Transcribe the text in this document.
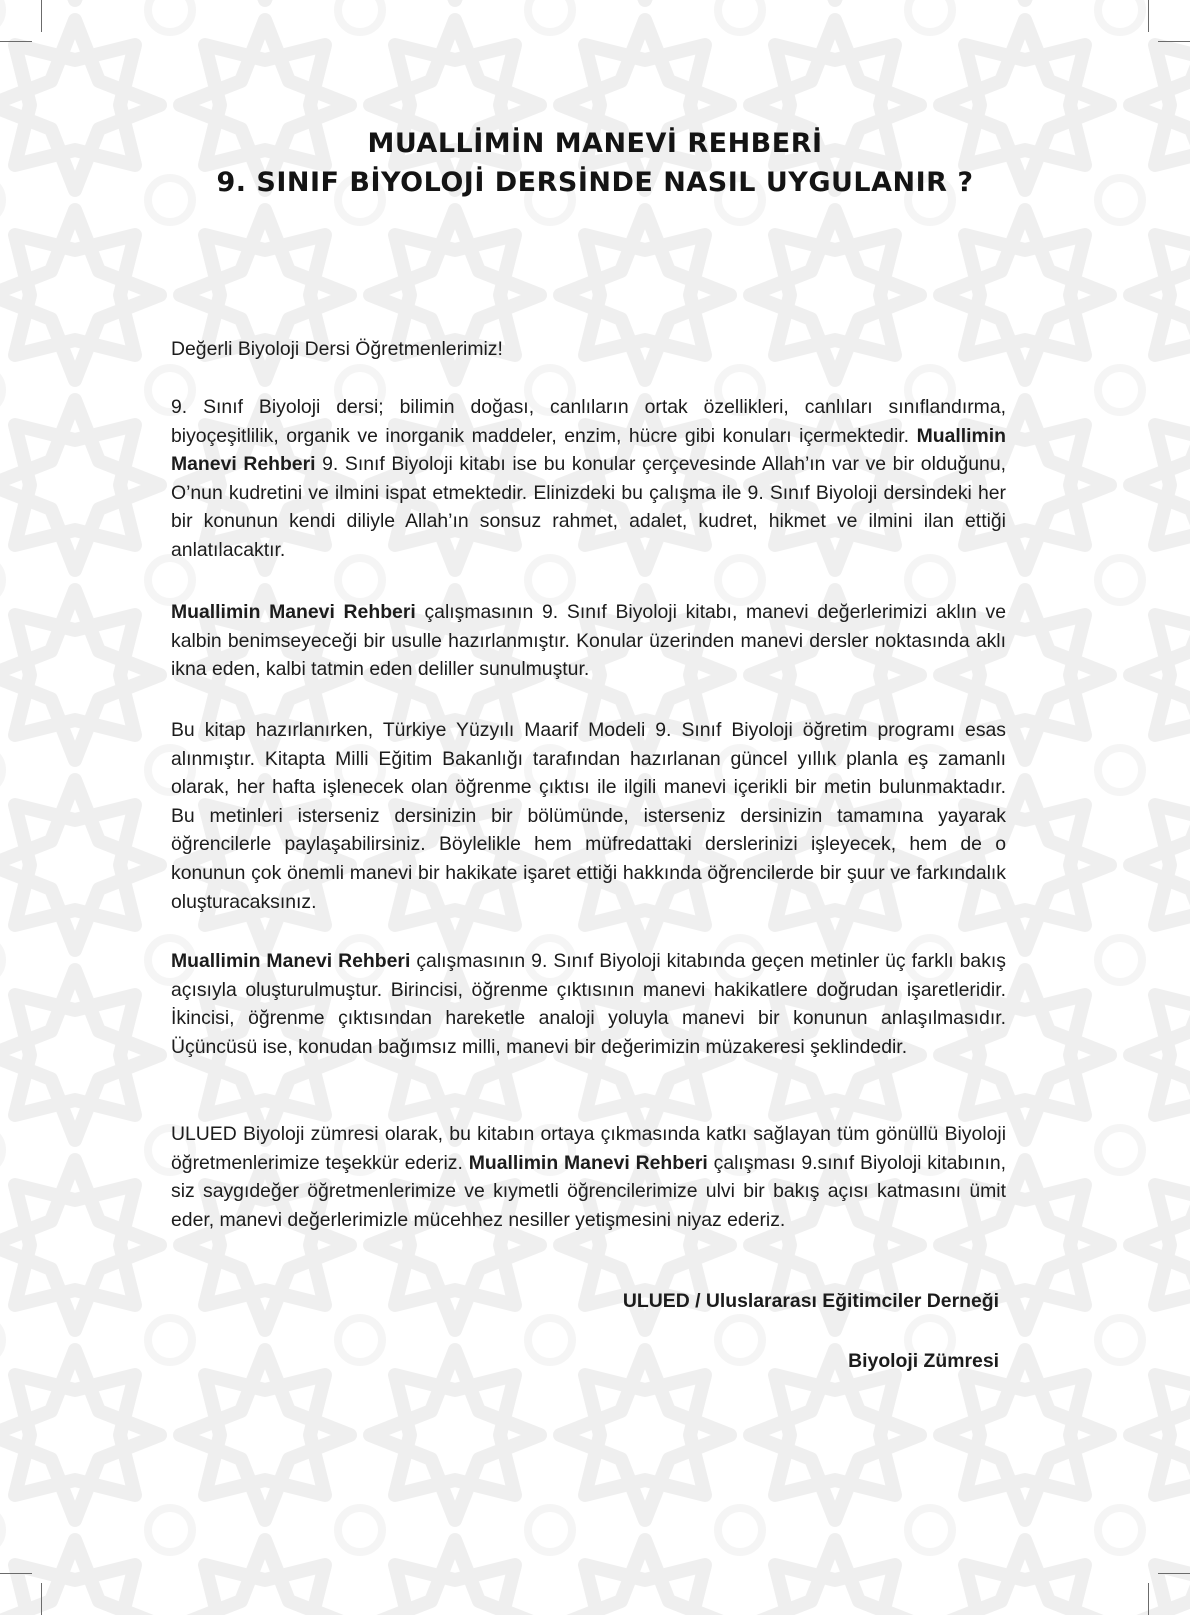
MUALLİMİN MANEVİ REHBERİ
9. SINIF BİYOLOJİ DERSİNDE NASIL UYGULANIR ?

Değerli Biyoloji Dersi Öğretmenlerimiz!

9. Sınıf Biyoloji dersi; bilimin doğası, canlıların ortak özellikleri, canlıları sınıflandırma, biyoçeşitlilik, organik ve inorganik maddeler, enzim, hücre gibi konuları içermektedir. Muallimin Manevi Rehberi 9. Sınıf Biyoloji kitabı ise bu konular çerçevesinde Allah’ın var ve bir olduğunu, O’nun kudretini ve ilmini ispat etmektedir. Elinizdeki bu çalışma ile 9. Sınıf Biyoloji dersindeki her bir konunun kendi diliyle Allah’ın sonsuz rahmet, adalet, kudret, hikmet ve ilmini ilan ettiği anlatılacaktır.

Muallimin Manevi Rehberi çalışmasının 9. Sınıf Biyoloji kitabı, manevi değerlerimizi aklın ve kalbin benimseyeceği bir usulle hazırlanmıştır. Konular üzerinden manevi dersler noktasında aklı ikna eden, kalbi tatmin eden deliller sunulmuştur.

Bu kitap hazırlanırken, Türkiye Yüzyılı Maarif Modeli 9. Sınıf Biyoloji öğretim programı esas alınmıştır. Kitapta Milli Eğitim Bakanlığı tarafından hazırlanan güncel yıllık planla eş zamanlı olarak, her hafta işlenecek olan öğrenme çıktısı ile ilgili manevi içerikli bir metin bulunmaktadır. Bu metinleri isterseniz dersinizin bir bölümünde, isterseniz dersinizin tamamına yayarak öğrencilerle paylaşabilirsiniz. Böylelikle hem müfredattaki derslerinizi işleyecek, hem de o konunun çok önemli manevi bir hakikate işaret ettiği hakkında öğrencilerde bir şuur ve farkındalık oluşturacaksınız.

Muallimin Manevi Rehberi çalışmasının 9. Sınıf Biyoloji kitabında geçen metinler üç farklı bakış açısıyla oluşturulmuştur. Birincisi, öğrenme çıktısının manevi hakikatlere doğrudan işaretleridir. İkincisi, öğrenme çıktısından hareketle analoji yoluyla manevi bir konunun anlaşılmasıdır. Üçüncüsü ise, konudan bağımsız milli, manevi bir değerimizin müzakeresi şeklindedir.

ULUED Biyoloji zümresi olarak, bu kitabın ortaya çıkmasında katkı sağlayan tüm gönüllü Biyoloji öğretmenlerimize teşekkür ederiz. Muallimin Manevi Rehberi çalışması 9.sınıf Biyoloji kitabının, siz saygıdeğer öğretmenlerimize ve kıymetli öğrencilerimize ulvi bir bakış açısı katmasını ümit eder, manevi değerlerimizle mücehhez nesiller yetişmesini niyaz ederiz.

ULUED / Uluslararası Eğitimciler Derneği

Biyoloji Zümresi
